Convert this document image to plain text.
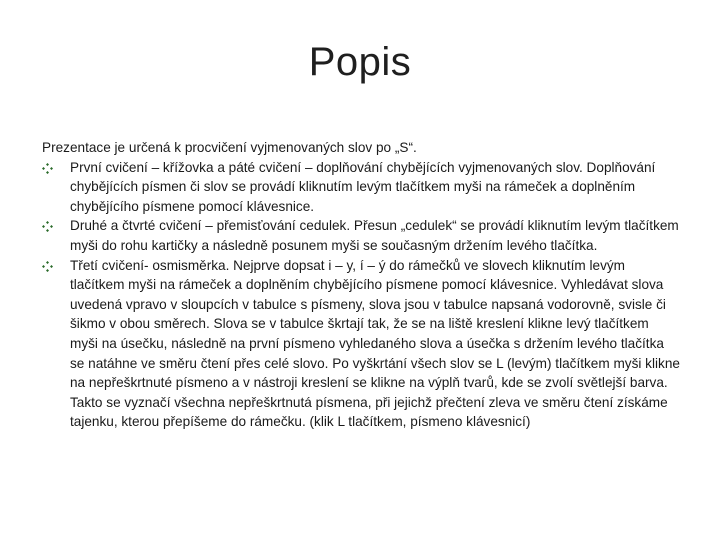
Popis

Prezentace je určená k procvičení vyjmenovaných slov po „S“.

První cvičení – křížovka a páté cvičení – doplňování chybějících vyjmenovaných slov. Doplňování chybějících písmen či slov se provádí kliknutím levým tlačítkem myši na rámeček a doplněním chybějícího písmene pomocí klávesnice.
Druhé a čtvrté cvičení – přemisťování cedulek. Přesun „cedulek“ se provádí kliknutím levým tlačítkem myši do rohu kartičky a následně posunem myši se současným držením levého tlačítka.
Třetí cvičení- osmisměrka. Nejprve dopsat i – y, í – ý do rámečků ve slovech kliknutím levým tlačítkem myši na rámeček a doplněním chybějícího písmene pomocí klávesnice. Vyhledávat slova uvedená vpravo v sloupcích v tabulce s písmeny, slova jsou v tabulce napsaná vodorovně, svisle či šikmo v obou směrech. Slova se v tabulce škrtají tak, že se na liště kreslení klikne levý tlačítkem myši na úsečku, následně na první písmeno vyhledaného slova a úsečka s držením levého tlačítka se natáhne ve směru čtení přes celé slovo. Po vyškrtání všech slov se L (levým) tlačítkem myši klikne na nepřeškrtnuté písmeno a v nástroji kreslení se klikne na výplň tvarů, kde se zvolí světlejší barva. Takto se vyznačí všechna nepřeškrtnutá písmena, při jejichž přečtení zleva ve směru čtení získáme tajenku, kterou přepíšeme do rámečku. (klik L tlačítkem, písmeno klávesnicí)
